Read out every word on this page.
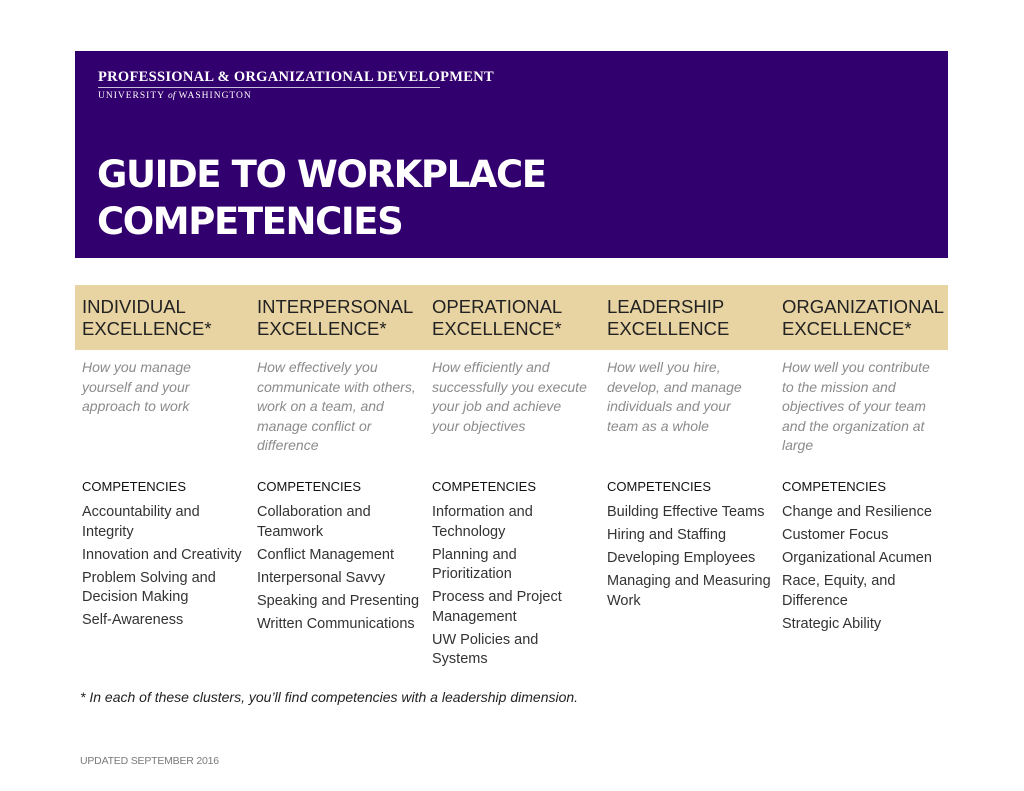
PROFESSIONAL & ORGANIZATIONAL DEVELOPMENT
UNIVERSITY of WASHINGTON
GUIDE TO WORKPLACE
COMPETENCIES
INDIVIDUAL
EXCELLENCE*
How you manage yourself and your approach to work
COMPETENCIES
Accountability and Integrity
Innovation and Creativity
Problem Solving and Decision Making
Self-Awareness
INTERPERSONAL
EXCELLENCE*
How effectively you communicate with others, work on a team, and manage conflict or difference
COMPETENCIES
Collaboration and Teamwork
Conflict Management
Interpersonal Savvy
Speaking and Presenting
Written Communications
OPERATIONAL
EXCELLENCE*
How efficiently and successfully you execute your job and achieve your objectives
COMPETENCIES
Information and Technology
Planning and Prioritization
Process and Project Management
UW Policies and Systems
LEADERSHIP
EXCELLENCE
How well you hire, develop, and manage individuals and your team as a whole
COMPETENCIES
Building Effective Teams
Hiring and Staffing
Developing Employees
Managing and Measuring Work
ORGANIZATIONAL
EXCELLENCE*
How well you contribute to the mission and objectives of your team and the organization at large
COMPETENCIES
Change and Resilience
Customer Focus
Organizational Acumen
Race, Equity, and Difference
Strategic Ability
* In each of these clusters, you’ll find competencies with a leadership dimension.
UPDATED SEPTEMBER 2016
